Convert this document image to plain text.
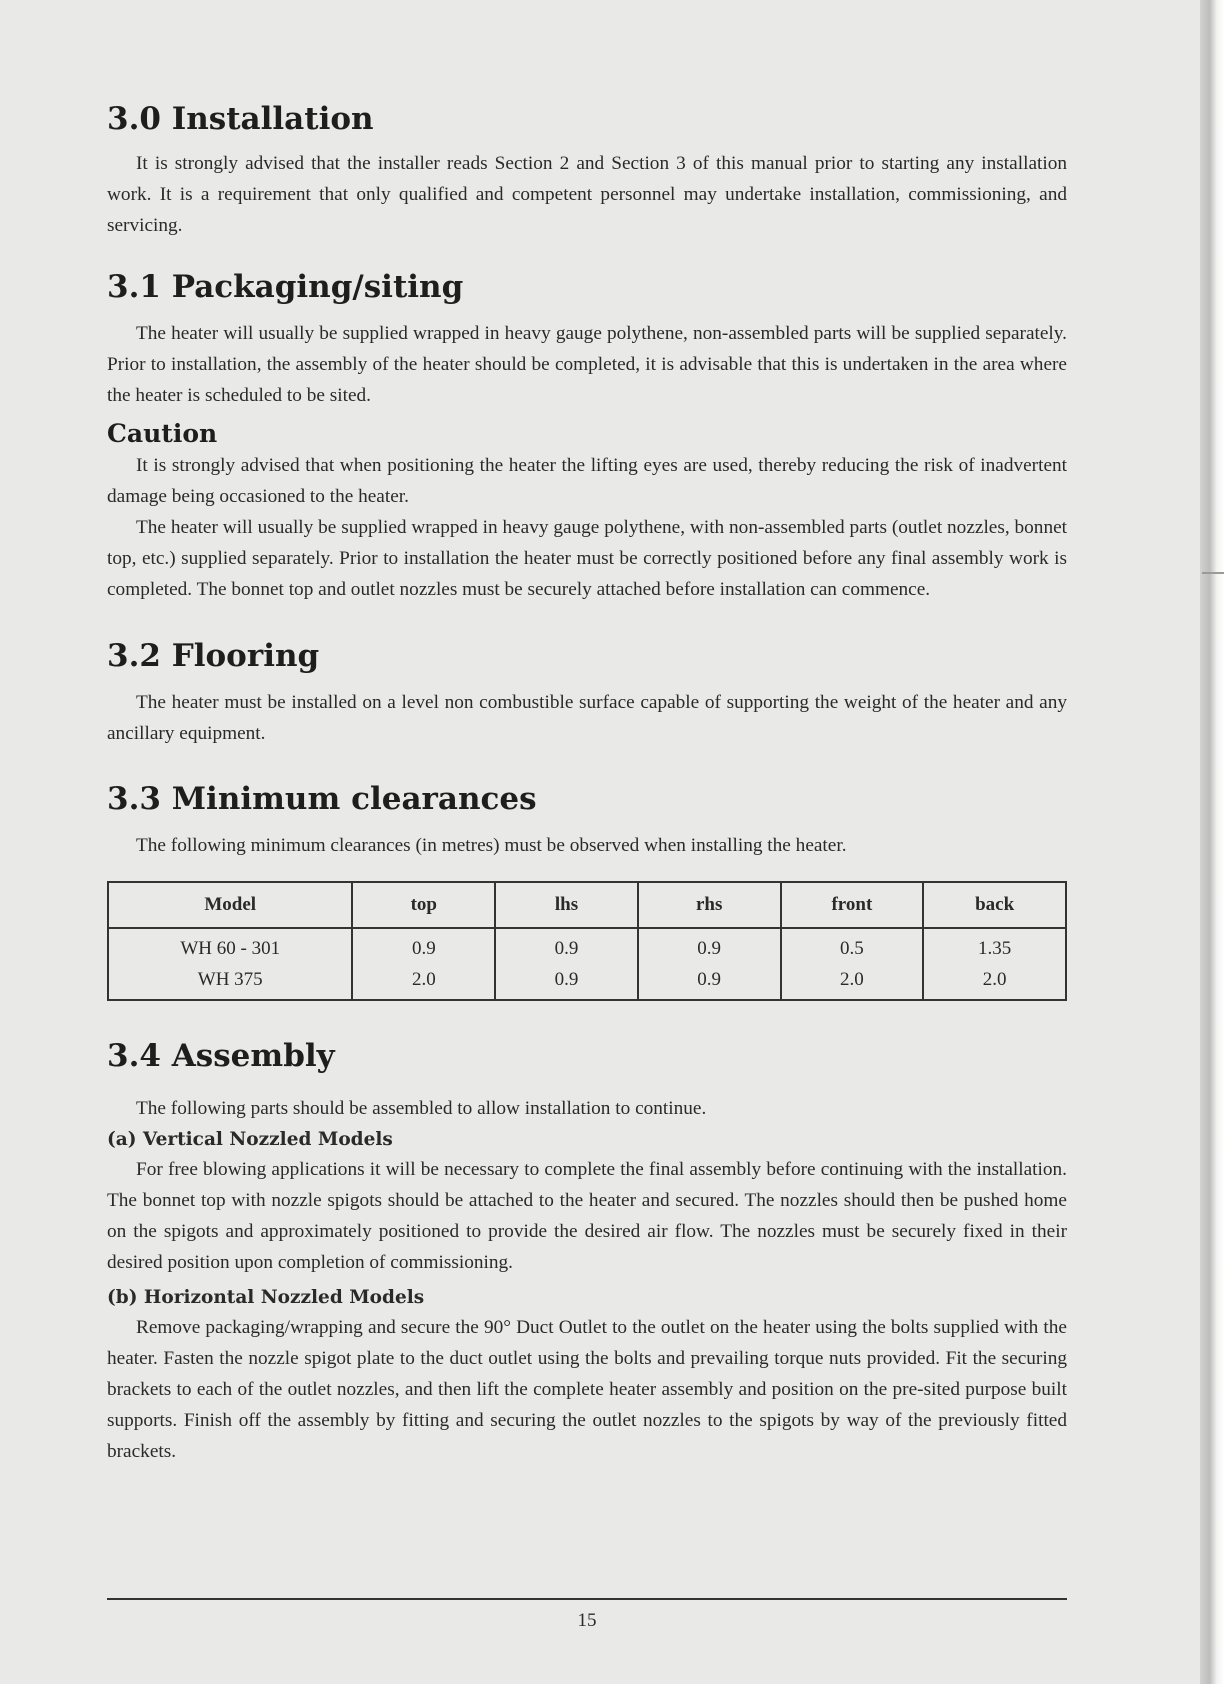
3.0 Installation

It is strongly advised that the installer reads Section 2 and Section 3 of this manual prior to starting any installation work. It is a requirement that only qualified and competent personnel may undertake installation, commissioning, and servicing.

3.1 Packaging/siting

The heater will usually be supplied wrapped in heavy gauge polythene, non-assembled parts will be supplied separately. Prior to installation, the assembly of the heater should be completed, it is advisable that this is undertaken in the area where the heater is scheduled to be sited.

Caution

It is strongly advised that when positioning the heater the lifting eyes are used, thereby reducing the risk of inadvertent damage being occasioned to the heater.

The heater will usually be supplied wrapped in heavy gauge polythene, with non-assembled parts (outlet nozzles, bonnet top, etc.) supplied separately. Prior to installation the heater must be correctly positioned before any final assembly work is completed. The bonnet top and outlet nozzles must be securely attached before installation can commence.

3.2 Flooring

The heater must be installed on a level non combustible surface capable of supporting the weight of the heater and any ancillary equipment.

3.3 Minimum clearances

The following minimum clearances (in metres) must be observed when installing the heater.

Model	top	lhs	rhs	front	back
WH 60 - 301	0.9	0.9	0.9	0.5	1.35
WH 375	2.0	0.9	0.9	2.0	2.0
3.4 Assembly

The following parts should be assembled to allow installation to continue.

(a) Vertical Nozzled Models

For free blowing applications it will be necessary to complete the final assembly before continuing with the installation. The bonnet top with nozzle spigots should be attached to the heater and secured. The nozzles should then be pushed home on the spigots and approximately positioned to provide the desired air flow. The nozzles must be securely fixed in their desired position upon completion of commissioning.

(b) Horizontal Nozzled Models

Remove packaging/wrapping and secure the 90° Duct Outlet to the outlet on the heater using the bolts supplied with the heater. Fasten the nozzle spigot plate to the duct outlet using the bolts and prevailing torque nuts provided. Fit the securing brackets to each of the outlet nozzles, and then lift the complete heater assembly and position on the pre-sited purpose built supports. Finish off the assembly by fitting and securing the outlet nozzles to the spigots by way of the previously fitted brackets.

15
